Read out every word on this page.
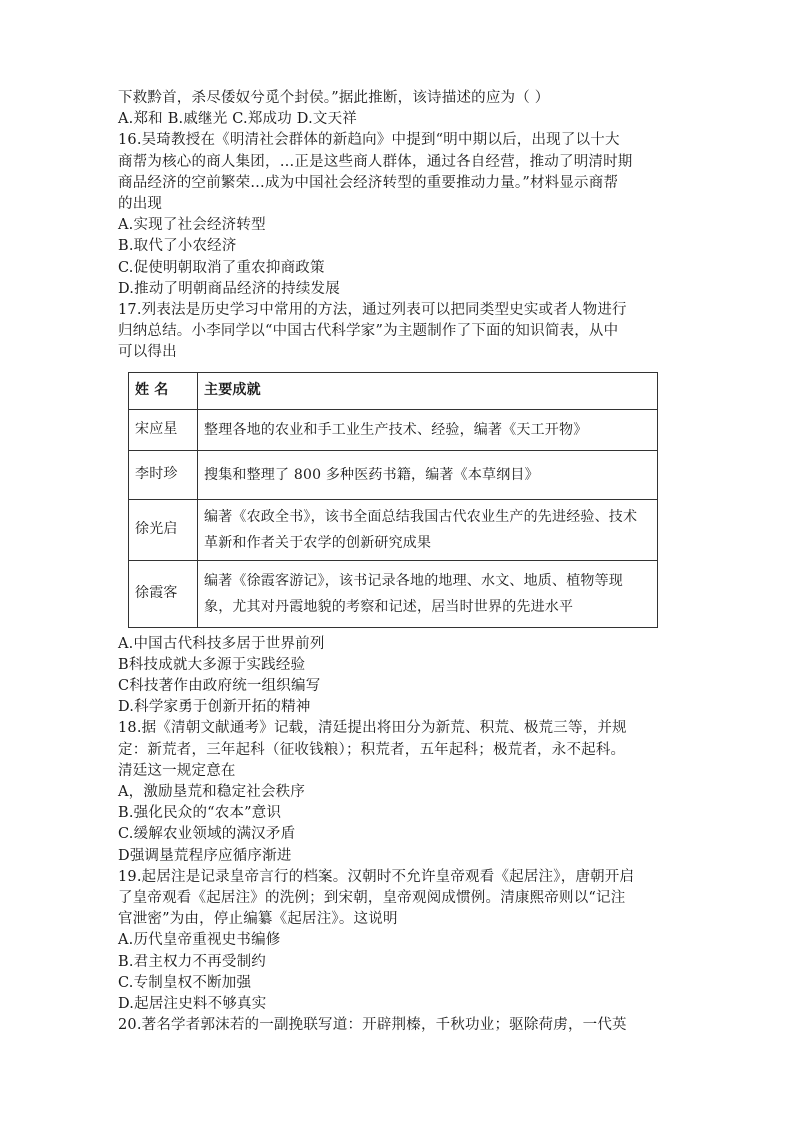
下救黔首，杀尽倭奴兮觅个封侯。”据此推断，该诗描述的应为（ ）
A.郑和 B.戚继光 C.郑成功 D.文天祥
16.吴琦教授在《明清社会群体的新趋向》中提到“明中期以后，出现了以十大
商帮为核心的商人集团，…正是这些商人群体，通过各自经营，推动了明清时期
商品经济的空前繁荣…成为中国社会经济转型的重要推动力量。”材料显示商帮
的出现
A.实现了社会经济转型
B.取代了小农经济
C.促使明朝取消了重农抑商政策
D.推动了明朝商品经济的持续发展
17.列表法是历史学习中常用的方法，通过列表可以把同类型史实或者人物进行
归纳总结。小李同学以“中国古代科学家”为主题制作了下面的知识简表，从中
可以得出
姓 名	主要成就
宋应星	整理各地的农业和手工业生产技术、经验，编著《天工开物》
李时珍	搜集和整理了 800 多种医药书籍，编著《本草纲目》
徐光启	编著《农政全书》，该书全面总结我国古代农业生产的先进经验、技术革新和作者关于农学的创新研究成果
徐霞客	编著《徐霞客游记》，该书记录各地的地理、水文、地质、植物等现象，尤其对丹霞地貌的考察和记述，居当时世界的先进水平
A.中国古代科技多居于世界前列
B科技成就大多源于实践经验
C科技著作由政府统一组织编写
D.科学家勇于创新开拓的精神
18.据《清朝文献通考》记载，清廷提出将田分为新荒、积荒、极荒三等，并规
定：新荒者，三年起科（征收钱粮）；积荒者，五年起科；极荒者，永不起科。
清廷这一规定意在
A，激励垦荒和稳定社会秩序
B.强化民众的“农本”意识
C.缓解农业领域的满汉矛盾
D强调垦荒程序应循序渐进
19.起居注是记录皇帝言行的档案。汉朝时不允许皇帝观看《起居注》，唐朝开启
了皇帝观看《起居注》的洗例；到宋朝，皇帝观阅成惯例。清康熙帝则以“记注
官泄密”为由，停止编纂《起居注》。这说明
A.历代皇帝重视史书编修
B.君主权力不再受制约
C.专制皇权不断加强
D.起居注史料不够真实
20.著名学者郭沫若的一副挽联写道：开辟荆榛，千秋功业；驱除荷虏，一代英
